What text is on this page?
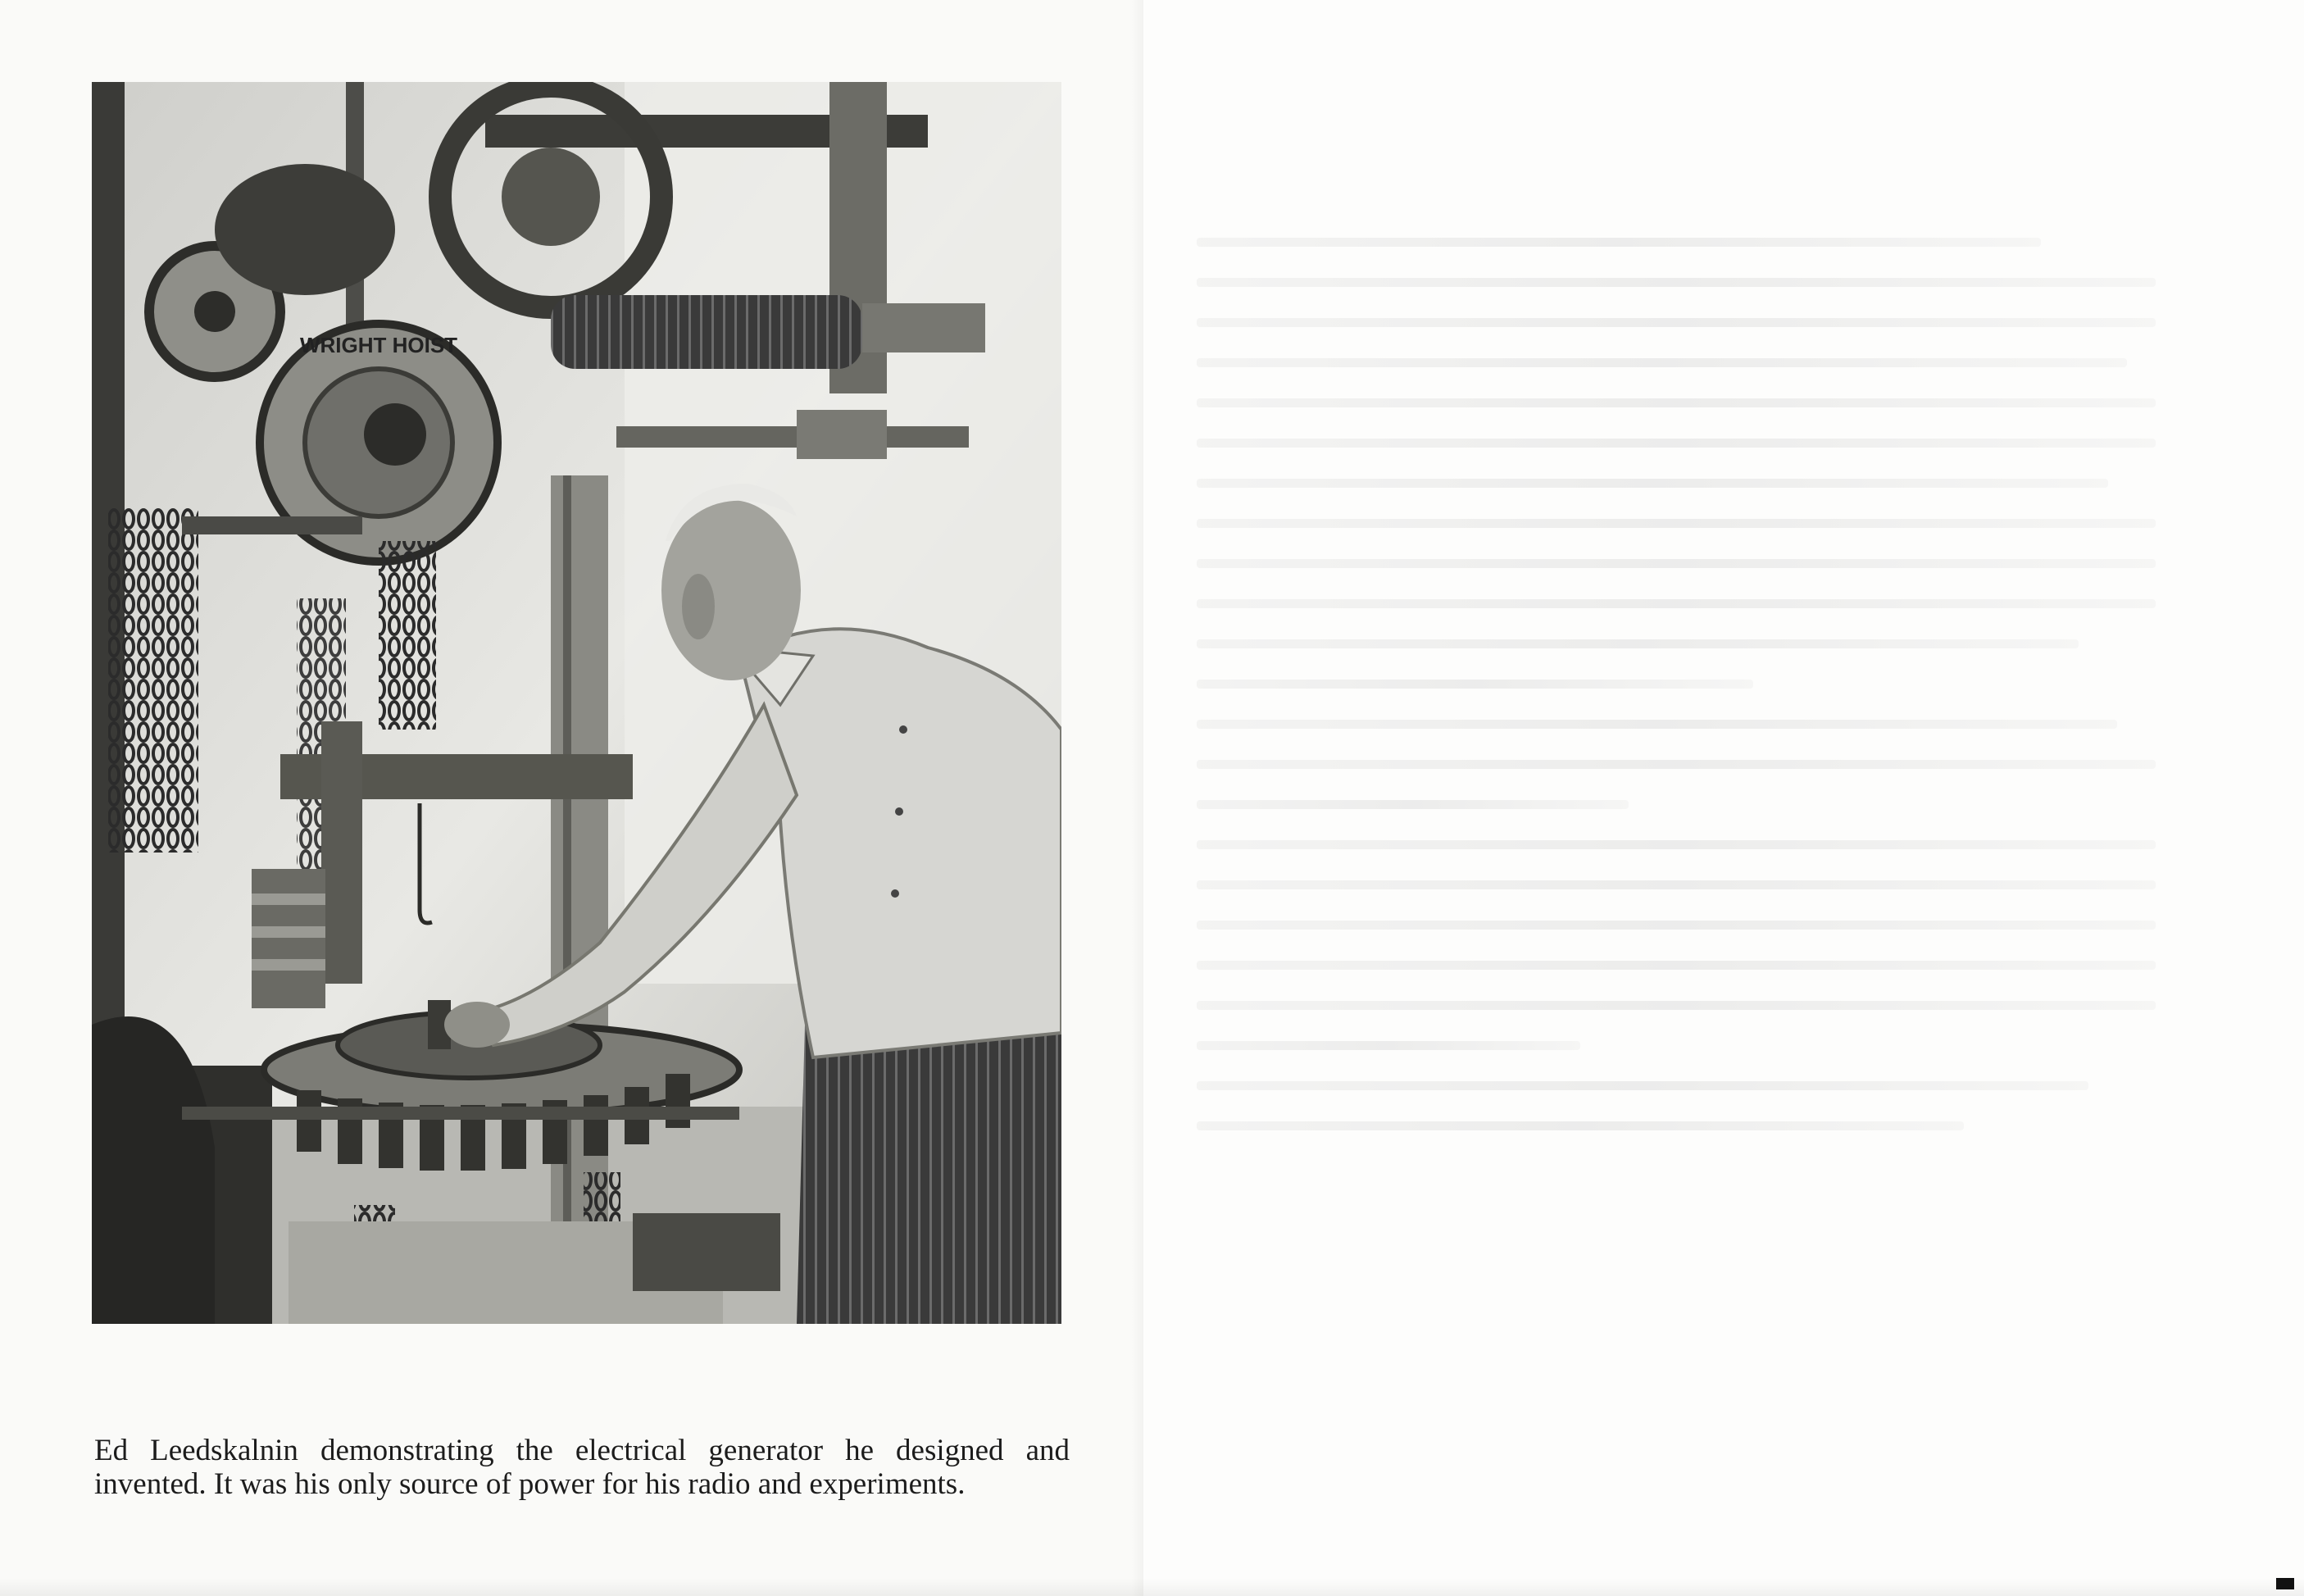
WRIGHT HOIST

Ed Leedskalnin demonstrating the electrical generator he designed and invented. It was his only source of power for his radio and experiments.
